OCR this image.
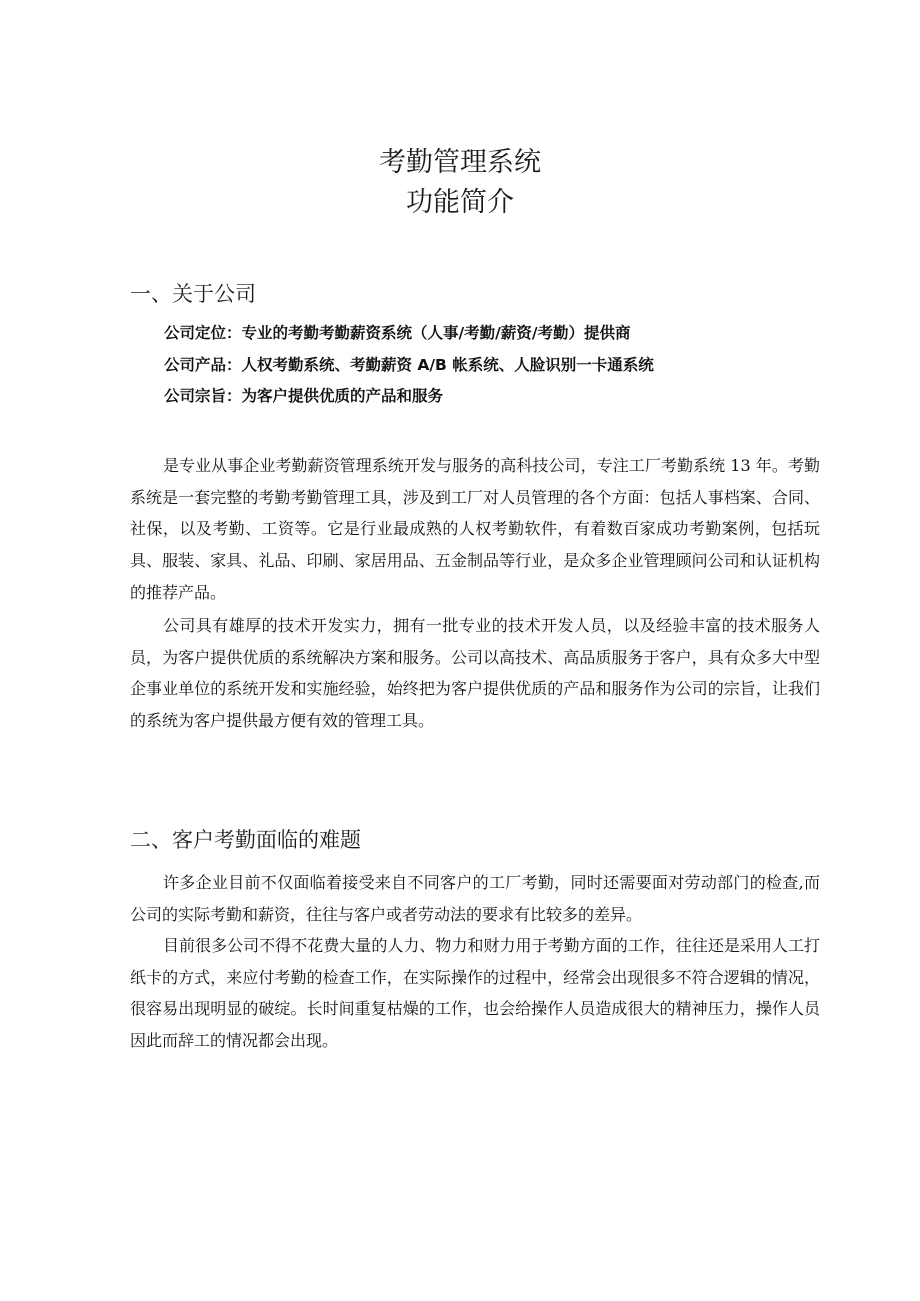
考勤管理系统
功能简介
一、关于公司
公司定位：专业的考勤考勤薪资系统（人事/考勤/薪资/考勤）提供商
公司产品：人权考勤系统、考勤薪资 A/B 帐系统、人脸识别一卡通系统
公司宗旨：为客户提供优质的产品和服务

是专业从事企业考勤薪资管理系统开发与服务的高科技公司，专注工厂考勤系统 13 年。考勤系统是一套完整的考勤考勤管理工具，涉及到工厂对人员管理的各个方面：包括人事档案、合同、社保，以及考勤、工资等。它是行业最成熟的人权考勤软件，有着数百家成功考勤案例，包括玩具、服装、家具、礼品、印刷、家居用品、五金制品等行业，是众多企业管理顾问公司和认证机构的推荐产品。

公司具有雄厚的技术开发实力，拥有一批专业的技术开发人员，以及经验丰富的技术服务人员，为客户提供优质的系统解决方案和服务。公司以高技术、高品质服务于客户，具有众多大中型企事业单位的系统开发和实施经验，始终把为客户提供优质的产品和服务作为公司的宗旨，让我们的系统为客户提供最方便有效的管理工具。

二、客户考勤面临的难题

许多企业目前不仅面临着接受来自不同客户的工厂考勤，同时还需要面对劳动部门的检查,而公司的实际考勤和薪资，往往与客户或者劳动法的要求有比较多的差异。

目前很多公司不得不花费大量的人力、物力和财力用于考勤方面的工作，往往还是采用人工打纸卡的方式，来应付考勤的检查工作，在实际操作的过程中，经常会出现很多不符合逻辑的情况，很容易出现明显的破绽。长时间重复枯燥的工作，也会给操作人员造成很大的精神压力，操作人员因此而辞工的情况都会出现。
